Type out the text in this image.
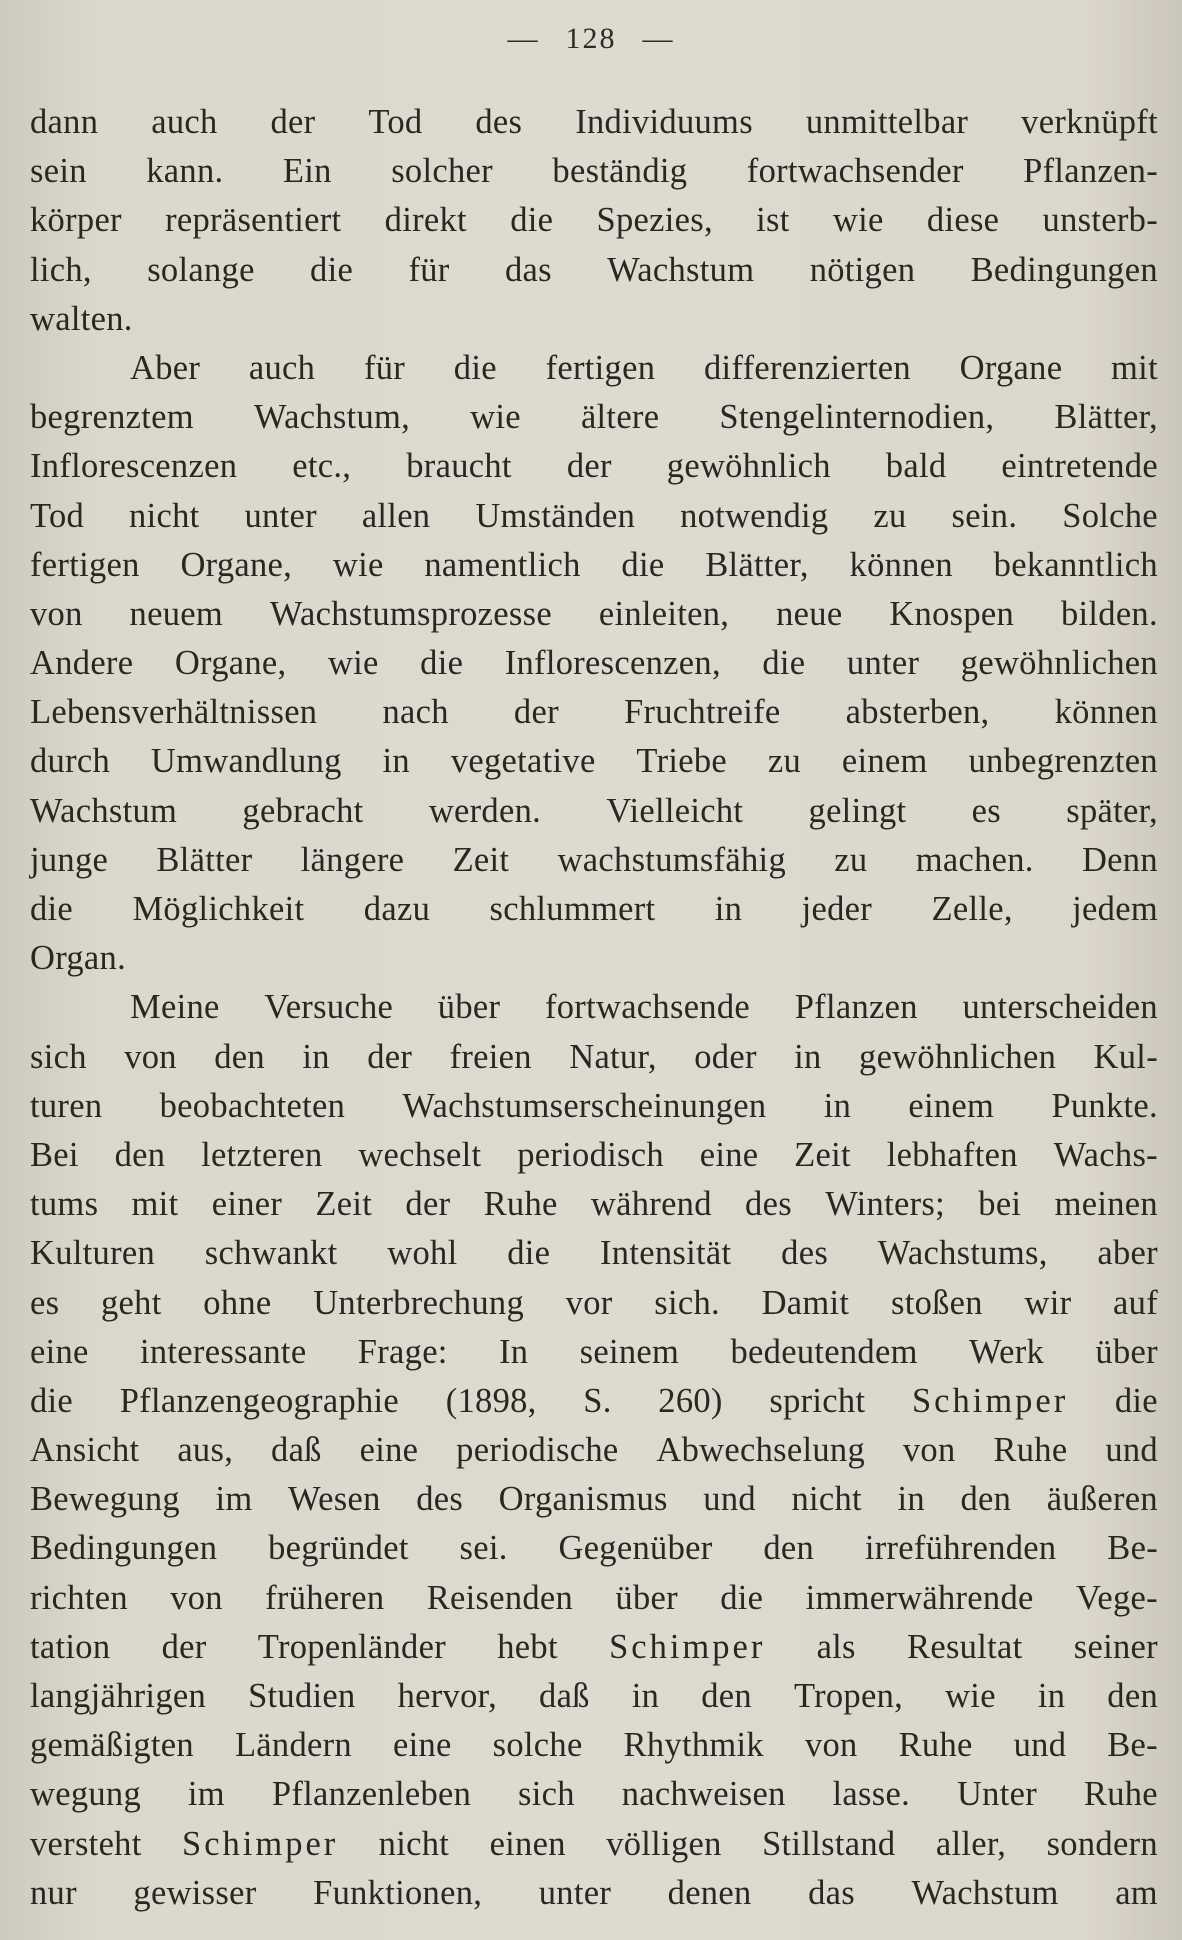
— 128 —
dann auch der Tod des Individuums unmittelbar verknüpft
sein kann. Ein solcher beständig fortwachsender Pflanzen-
körper repräsentiert direkt die Spezies, ist wie diese unsterb-
lich, solange die für das Wachstum nötigen Bedingungen
walten.
Aber auch für die fertigen differenzierten Organe mit
begrenztem Wachstum, wie ältere Stengelinternodien, Blätter,
Inflorescenzen etc., braucht der gewöhnlich bald eintretende
Tod nicht unter allen Umständen notwendig zu sein. Solche
fertigen Organe, wie namentlich die Blätter, können bekanntlich
von neuem Wachstumsprozesse einleiten, neue Knospen bilden.
Andere Organe, wie die Inflorescenzen, die unter gewöhnlichen
Lebensverhältnissen nach der Fruchtreife absterben, können
durch Umwandlung in vegetative Triebe zu einem unbegrenzten
Wachstum gebracht werden. Vielleicht gelingt es später,
junge Blätter längere Zeit wachstumsfähig zu machen. Denn
die Möglichkeit dazu schlummert in jeder Zelle, jedem
Organ.
Meine Versuche über fortwachsende Pflanzen unterscheiden
sich von den in der freien Natur, oder in gewöhnlichen Kul-
turen beobachteten Wachstumserscheinungen in einem Punkte.
Bei den letzteren wechselt periodisch eine Zeit lebhaften Wachs-
tums mit einer Zeit der Ruhe während des Winters; bei meinen
Kulturen schwankt wohl die Intensität des Wachstums, aber
es geht ohne Unterbrechung vor sich. Damit stoßen wir auf
eine interessante Frage: In seinem bedeutendem Werk über
die Pflanzengeographie (1898, S. 260) spricht Schimper die
Ansicht aus, daß eine periodische Abwechselung von Ruhe und
Bewegung im Wesen des Organismus und nicht in den äußeren
Bedingungen begründet sei. Gegenüber den irreführenden Be-
richten von früheren Reisenden über die immerwährende Vege-
tation der Tropenländer hebt Schimper als Resultat seiner
langjährigen Studien hervor, daß in den Tropen, wie in den
gemäßigten Ländern eine solche Rhythmik von Ruhe und Be-
wegung im Pflanzenleben sich nachweisen lasse. Unter Ruhe
versteht Schimper nicht einen völligen Stillstand aller, sondern
nur gewisser Funktionen, unter denen das Wachstum am
